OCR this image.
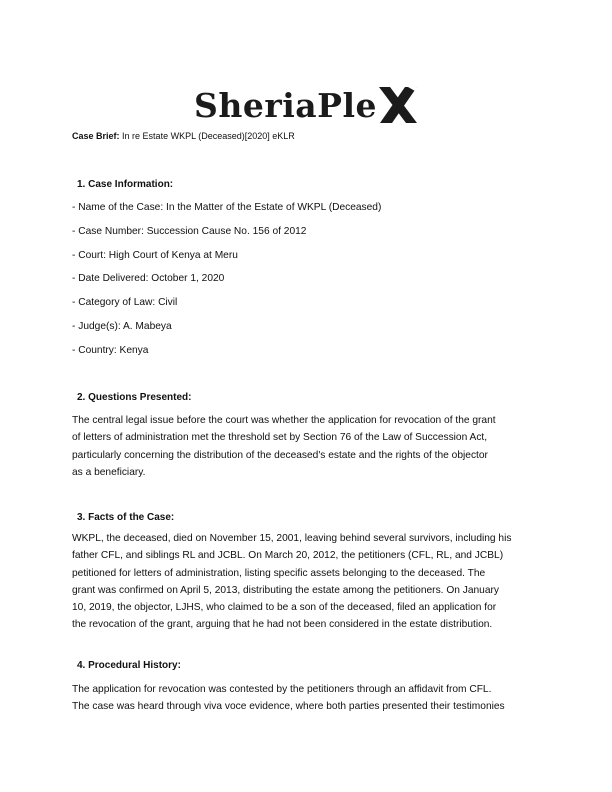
SheriaPle
Case Brief: In re Estate WKPL (Deceased)[2020] eKLR
1. Case Information:
- Name of the Case: In the Matter of the Estate of WKPL (Deceased)
- Case Number: Succession Cause No. 156 of 2012
- Court: High Court of Kenya at Meru
- Date Delivered: October 1, 2020
- Category of Law: Civil
- Judge(s): A. Mabeya
- Country: Kenya
2. Questions Presented:
The central legal issue before the court was whether the application for revocation of the grant
of letters of administration met the threshold set by Section 76 of the Law of Succession Act,
particularly concerning the distribution of the deceased's estate and the rights of the objector
as a beneficiary.
3. Facts of the Case:
WKPL, the deceased, died on November 15, 2001, leaving behind several survivors, including his
father CFL, and siblings RL and JCBL. On March 20, 2012, the petitioners (CFL, RL, and JCBL)
petitioned for letters of administration, listing specific assets belonging to the deceased. The
grant was confirmed on April 5, 2013, distributing the estate among the petitioners. On January
10, 2019, the objector, LJHS, who claimed to be a son of the deceased, filed an application for
the revocation of the grant, arguing that he had not been considered in the estate distribution.
4. Procedural History:
The application for revocation was contested by the petitioners through an affidavit from CFL.
The case was heard through viva voce evidence, where both parties presented their testimonies
